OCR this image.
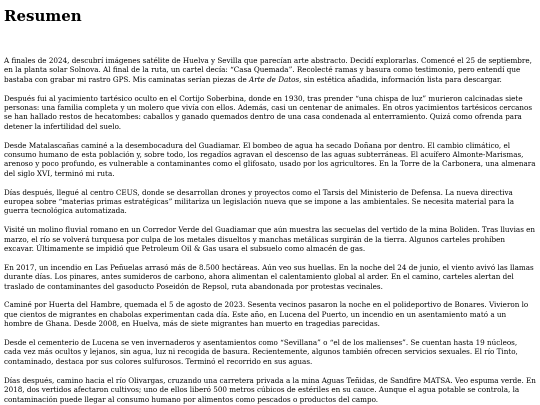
Resumen

A finales de 2024, descubrí imágenes satélite de Huelva y Sevilla que parecían arte abstracto. Decidí explorarlas. Comencé el 25 de septiembre, en la planta solar Solnova. Al final de la ruta, un cartel decía: “Casa Quemada”. Recolecté ramas y basura como testimonio, pero entendí que bastaba con grabar mi rastro GPS. Mis caminatas serían piezas de Arte de Datos, sin estética añadida, información lista para descargar.

Después fui al yacimiento tartésico oculto en el Cortijo Soberbina, donde en 1930, tras prender “una chispa de luz” murieron calcinadas siete personas: una familia completa y un molero que vivía con ellos. Además, casi un centenar de animales. En otros yacimientos tartésicos cercanos se han hallado restos de hecatombes: caballos y ganado quemados dentro de una casa condenada al enterramiento. Quizá como ofrenda para detener la infertilidad del suelo.

Desde Matalascañas caminé a la desembocadura del Guadiamar. El bombeo de agua ha secado Doñana por dentro. El cambio climático, el consumo humano de esta población y, sobre todo, los regadíos agravan el descenso de las aguas subterráneas. El acuífero Almonte-Marismas, arenoso y poco profundo, es vulnerable a contaminantes como el glifosato, usado por los agricultores. En la Torre de la Carbonera, una almenara del siglo XVI, terminó mi ruta.

Días después, llegué al centro CEUS, donde se desarrollan drones y proyectos como el Tarsis del Ministerio de Defensa. La nueva directiva europea sobre “materias primas estratégicas” militariza un legislación nueva que se impone a las ambientales. Se necesita material para la guerra tecnológica automatizada.

Visité un molino fluvial romano en un Corredor Verde del Guadiamar que aún muestra las secuelas del vertido de la mina Boliden. Tras lluvias en marzo, el río se volverá turquesa por culpa de los metales disueltos y manchas metálicas surgirán de la tierra. Algunos carteles prohíben excavar. Últimamente se impidió que Petroleum Oil & Gas usara el subsuelo como almacén de gas.

En 2017, un incendio en Las Peñuelas arrasó más de 8.500 hectáreas. Aún veo sus huellas. En la noche del 24 de junio, el viento avivó las llamas durante días. Los pinares, antes sumideros de carbono, ahora alimentan el calentamiento global al arder. En el camino, carteles alertan del traslado de contaminantes del gasoducto Poseidón de Repsol, ruta abandonada por protestas vecinales.

Caminé por Huerta del Hambre, quemada el 5 de agosto de 2023. Sesenta vecinos pasaron la noche en el polideportivo de Bonares. Vivieron lo que cientos de migrantes en chabolas experimentan cada día. Este año, en Lucena del Puerto, un incendio en un asentamiento mató a un hombre de Ghana. Desde 2008, en Huelva, más de siete migrantes han muerto en tragedias parecidas.

Desde el cementerio de Lucena se ven invernaderos y asentamientos como “Sevillana” o “el de los malienses”. Se cuentan hasta 19 núcleos, cada vez más ocultos y lejanos, sin agua, luz ni recogida de basura. Recientemente, algunos también ofrecen servicios sexuales. El río Tinto, contaminado, destaca por sus colores sulfurosos. Terminó el recorrido en sus aguas.

Días después, camino hacia el río Olivargas, cruzando una carretera privada a la mina Aguas Teñidas, de Sandfire MATSA. Veo espuma verde. En 2018, dos vertidos afectaron cultivos; uno de ellos liberó 500 metros cúbicos de estériles en su cauce. Aunque el agua potable se controla, la contaminación puede llegar al consumo humano por alimentos como pescados o productos del campo.
